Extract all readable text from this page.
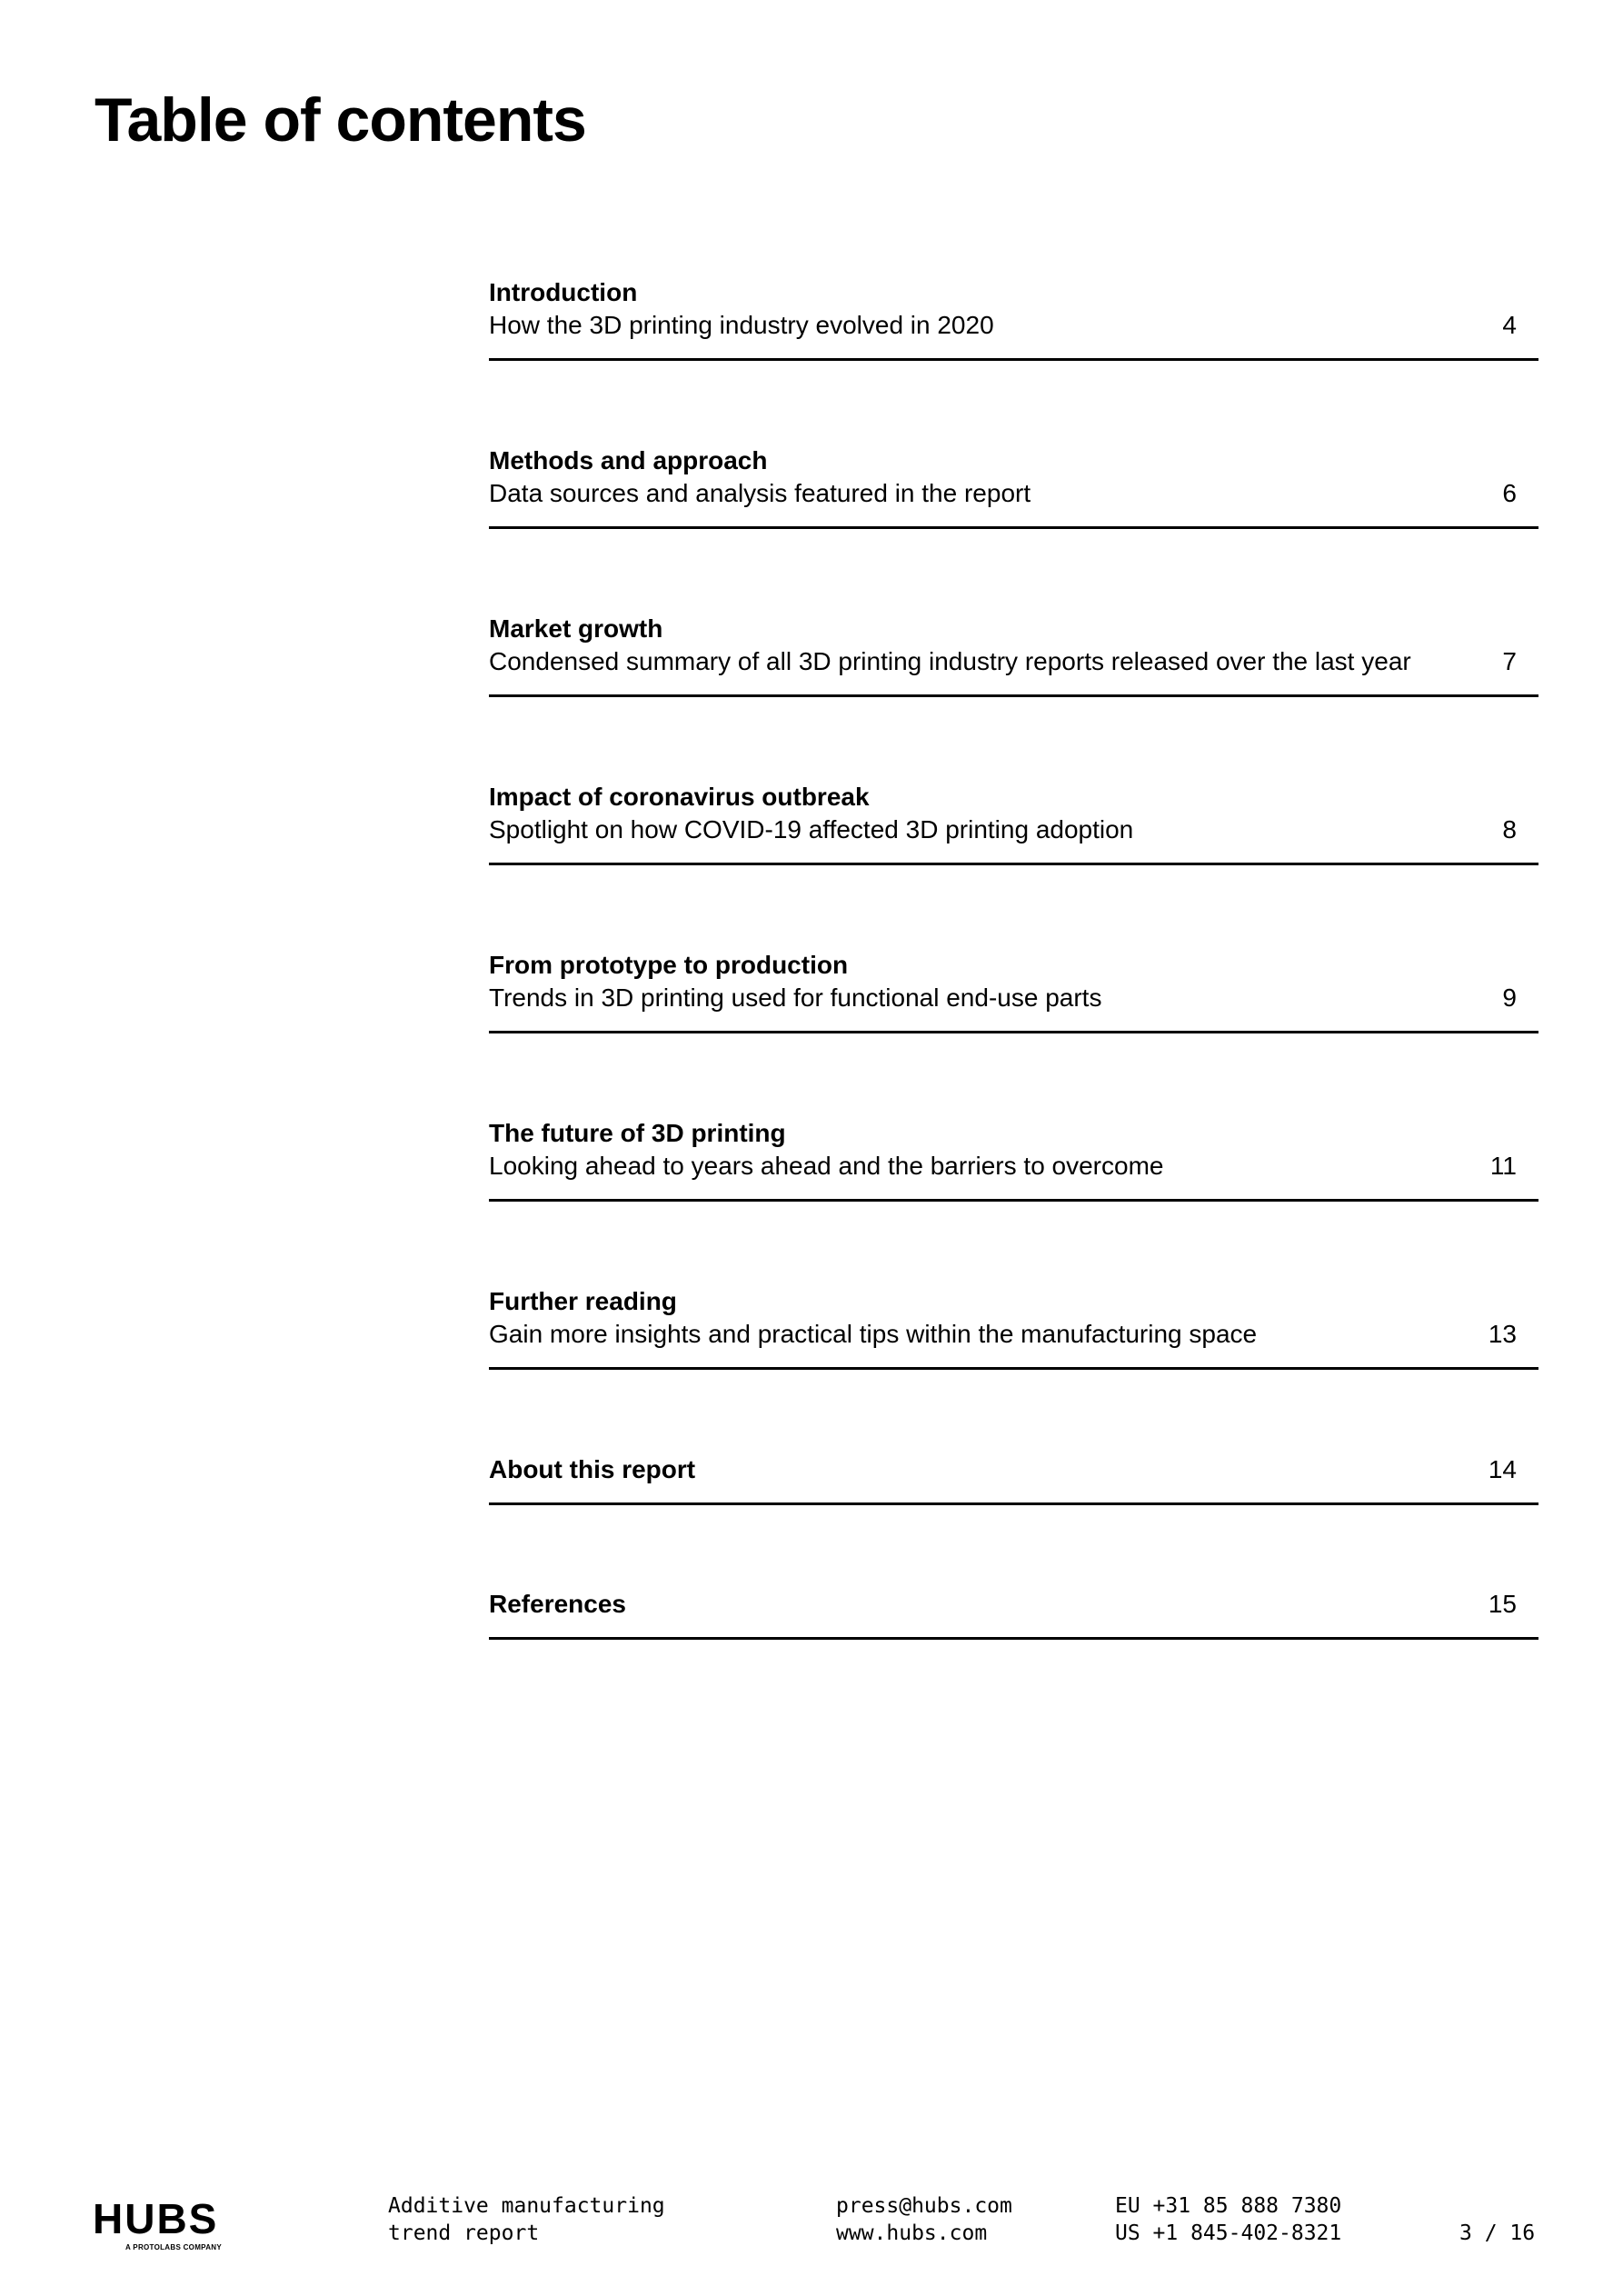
Table of contents
Introduction
How the 3D printing industry evolved in 2020	4
Methods and approach
Data sources and analysis featured in the report	6
Market growth
Condensed summary of all 3D printing industry reports released over the last year	7
Impact of coronavirus outbreak
Spotlight on how COVID-19 affected 3D printing adoption	8
From prototype to production
Trends in 3D printing used for functional end-use parts	9
The future of 3D printing
Looking ahead to years ahead and the barriers to overcome	11
Further reading
Gain more insights and practical tips within the manufacturing space	13
About this report	14
References	15
HUBS
A PROTOLABS COMPANY
Additive manufacturing
trend report
press@hubs.com
www.hubs.com
EU +31 85 888 7380
US +1 845-402-8321	3 / 16
